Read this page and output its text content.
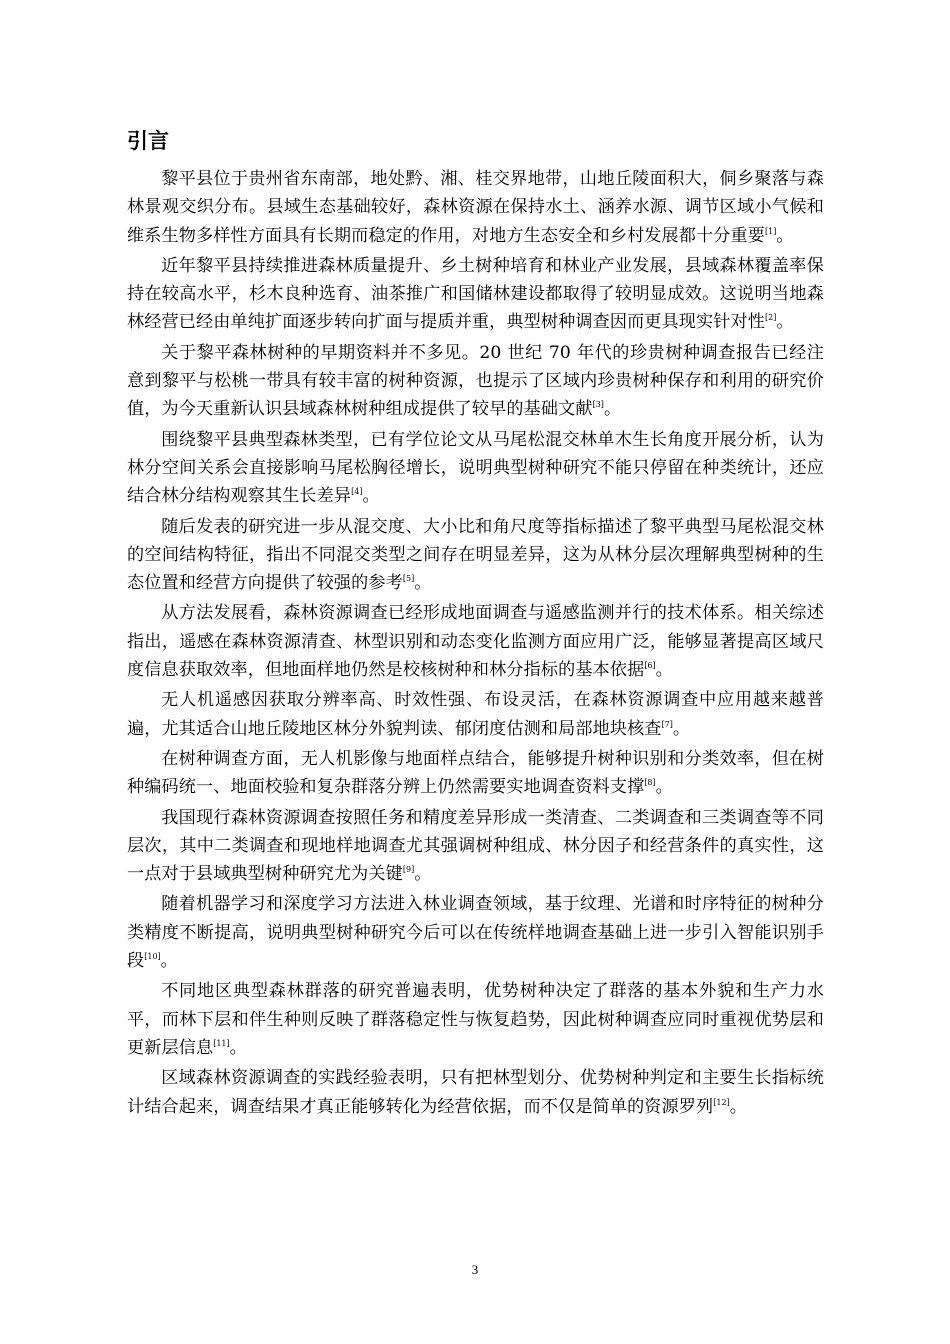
引言

黎平县位于贵州省东南部，地处黔、湘、桂交界地带，山地丘陵面积大，侗乡聚落与森林景观交织分布。县域生态基础较好，森林资源在保持水土、涵养水源、调节区域小气候和维系生物多样性方面具有长期而稳定的作用，对地方生态安全和乡村发展都十分重要[1]。

近年黎平县持续推进森林质量提升、乡土树种培育和林业产业发展，县域森林覆盖率保持在较高水平，杉木良种选育、油茶推广和国储林建设都取得了较明显成效。这说明当地森林经营已经由单纯扩面逐步转向扩面与提质并重，典型树种调查因而更具现实针对性[2]。

关于黎平森林树种的早期资料并不多见。20 世纪 70 年代的珍贵树种调查报告已经注意到黎平与松桃一带具有较丰富的树种资源，也提示了区域内珍贵树种保存和利用的研究价值，为今天重新认识县域森林树种组成提供了较早的基础文献[3]。

围绕黎平县典型森林类型，已有学位论文从马尾松混交林单木生长角度开展分析，认为林分空间关系会直接影响马尾松胸径增长，说明典型树种研究不能只停留在种类统计，还应结合林分结构观察其生长差异[4]。

随后发表的研究进一步从混交度、大小比和角尺度等指标描述了黎平典型马尾松混交林的空间结构特征，指出不同混交类型之间存在明显差异，这为从林分层次理解典型树种的生态位置和经营方向提供了较强的参考[5]。

从方法发展看，森林资源调查已经形成地面调查与遥感监测并行的技术体系。相关综述指出，遥感在森林资源清查、林型识别和动态变化监测方面应用广泛，能够显著提高区域尺度信息获取效率，但地面样地仍然是校核树种和林分指标的基本依据[6]。

无人机遥感因获取分辨率高、时效性强、布设灵活，在森林资源调查中应用越来越普遍，尤其适合山地丘陵地区林分外貌判读、郁闭度估测和局部地块核查[7]。

在树种调查方面，无人机影像与地面样点结合，能够提升树种识别和分类效率，但在树种编码统一、地面校验和复杂群落分辨上仍然需要实地调查资料支撑[8]。

我国现行森林资源调查按照任务和精度差异形成一类清查、二类调查和三类调查等不同层次，其中二类调查和现地样地调查尤其强调树种组成、林分因子和经营条件的真实性，这一点对于县域典型树种研究尤为关键[9]。

随着机器学习和深度学习方法进入林业调查领域，基于纹理、光谱和时序特征的树种分类精度不断提高，说明典型树种研究今后可以在传统样地调查基础上进一步引入智能识别手段[10]。

不同地区典型森林群落的研究普遍表明，优势树种决定了群落的基本外貌和生产力水平，而林下层和伴生种则反映了群落稳定性与恢复趋势，因此树种调查应同时重视优势层和更新层信息[11]。

区域森林资源调查的实践经验表明，只有把林型划分、优势树种判定和主要生长指标统计结合起来，调查结果才真正能够转化为经营依据，而不仅是简单的资源罗列[12]。

3
